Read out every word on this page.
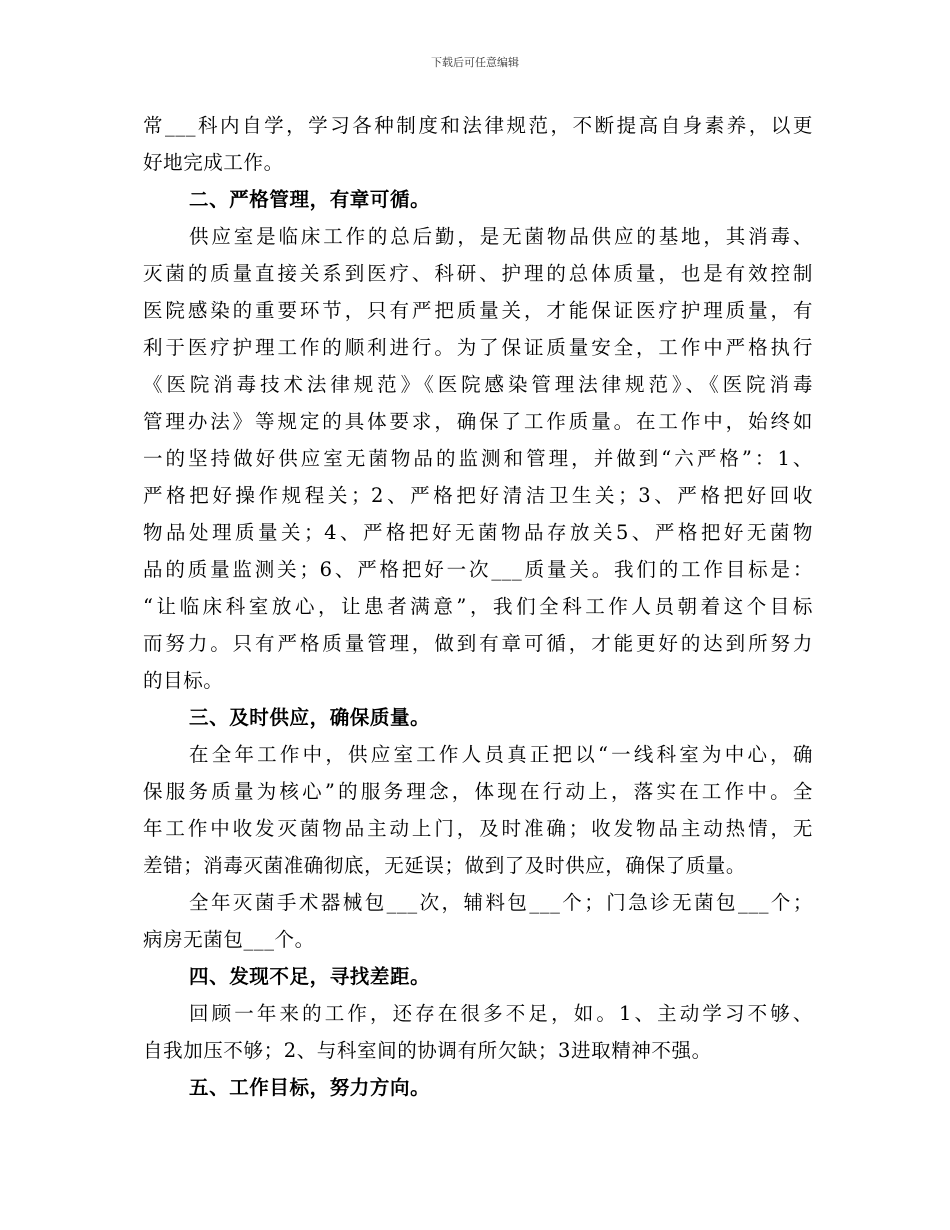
下载后可任意编辑
常___科内自学，学习各种制度和法律规范，不断提高自身素养，以更
好地完成工作。
二、严格管理，有章可循。
供应室是临床工作的总后勤，是无菌物品供应的基地，其消毒、
灭菌的质量直接关系到医疗、科研、护理的总体质量，也是有效控制
医院感染的重要环节，只有严把质量关，才能保证医疗护理质量，有
利于医疗护理工作的顺利进行。为了保证质量安全，工作中严格执行
《医院消毒技术法律规范》《医院感染管理法律规范》、《医院消毒
管理办法》等规定的具体要求，确保了工作质量。在工作中，始终如
一的坚持做好供应室无菌物品的监测和管理，并做到“六严格”：1、
严格把好操作规程关；2、严格把好清洁卫生关；3、严格把好回收
物品处理质量关；4、严格把好无菌物品存放关5、严格把好无菌物
品的质量监测关；6、严格把好一次___质量关。我们的工作目标是：
“让临床科室放心，让患者满意”，我们全科工作人员朝着这个目标
而努力。只有严格质量管理，做到有章可循，才能更好的达到所努力
的目标。
三、及时供应，确保质量。
在全年工作中，供应室工作人员真正把以“一线科室为中心，确
保服务质量为核心”的服务理念，体现在行动上，落实在工作中。全
年工作中收发灭菌物品主动上门，及时准确；收发物品主动热情，无
差错；消毒灭菌准确彻底，无延误；做到了及时供应，确保了质量。
全年灭菌手术器械包___次，辅料包___个；门急诊无菌包___个；
病房无菌包___个。
四、发现不足，寻找差距。
回顾一年来的工作，还存在很多不足，如。1、主动学习不够、
自我加压不够；2、与科室间的协调有所欠缺；3进取精神不强。
五、工作目标，努力方向。
